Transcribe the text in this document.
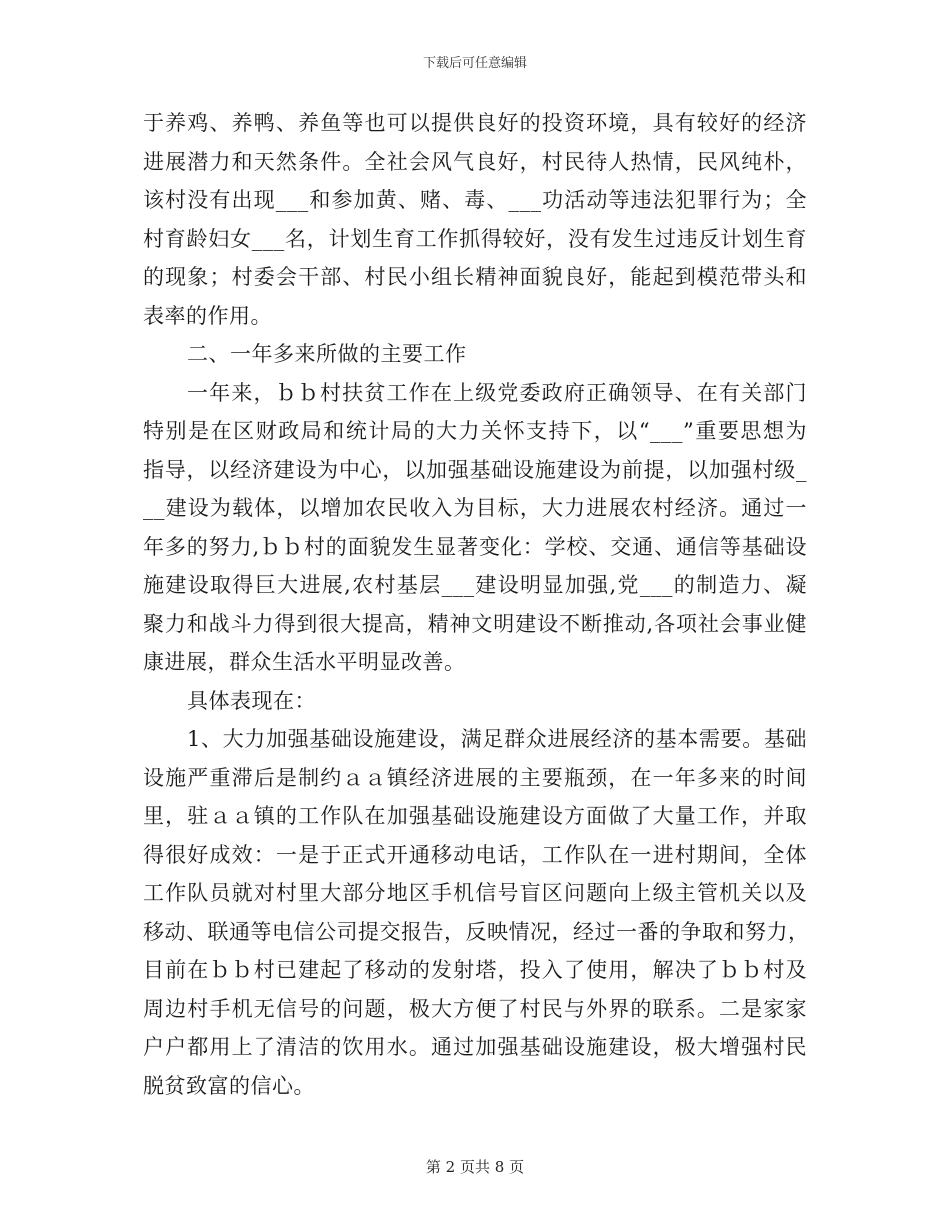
下载后可任意编辑
于养鸡、养鸭、养鱼等也可以提供良好的投资环境，具有较好的经济
进展潜力和天然条件。全社会风气良好，村民待人热情，民风纯朴，
该村没有出现___和参加黄、赌、毒、___功活动等违法犯罪行为；全
村育龄妇女___名，计划生育工作抓得较好，没有发生过违反计划生育
的现象；村委会干部、村民小组长精神面貌良好，能起到模范带头和
表率的作用。
二、一年多来所做的主要工作
一年来，ｂｂ村扶贫工作在上级党委政府正确领导、在有关部门
特别是在区财政局和统计局的大力关怀支持下，以“___”重要思想为
指导，以经济建设为中心，以加强基础设施建设为前提，以加强村级_
__建设为载体，以增加农民收入为目标，大力进展农村经济。通过一
年多的努力,ｂｂ村的面貌发生显著变化：学校、交通、通信等基础设
施建设取得巨大进展,农村基层___建设明显加强,党___的制造力、凝
聚力和战斗力得到很大提高，精神文明建设不断推动,各项社会事业健
康进展，群众生活水平明显改善。
具体表现在：
1、大力加强基础设施建设，满足群众进展经济的基本需要。基础
设施严重滞后是制约ａａ镇经济进展的主要瓶颈，在一年多来的时间
里，驻ａａ镇的工作队在加强基础设施建设方面做了大量工作，并取
得很好成效：一是于正式开通移动电话，工作队在一进村期间，全体
工作队员就对村里大部分地区手机信号盲区问题向上级主管机关以及
移动、联通等电信公司提交报告，反映情况，经过一番的争取和努力，
目前在ｂｂ村已建起了移动的发射塔，投入了使用，解决了ｂｂ村及
周边村手机无信号的问题，极大方便了村民与外界的联系。二是家家
户户都用上了清洁的饮用水。通过加强基础设施建设，极大增强村民
脱贫致富的信心。
第 2 页共 8 页
